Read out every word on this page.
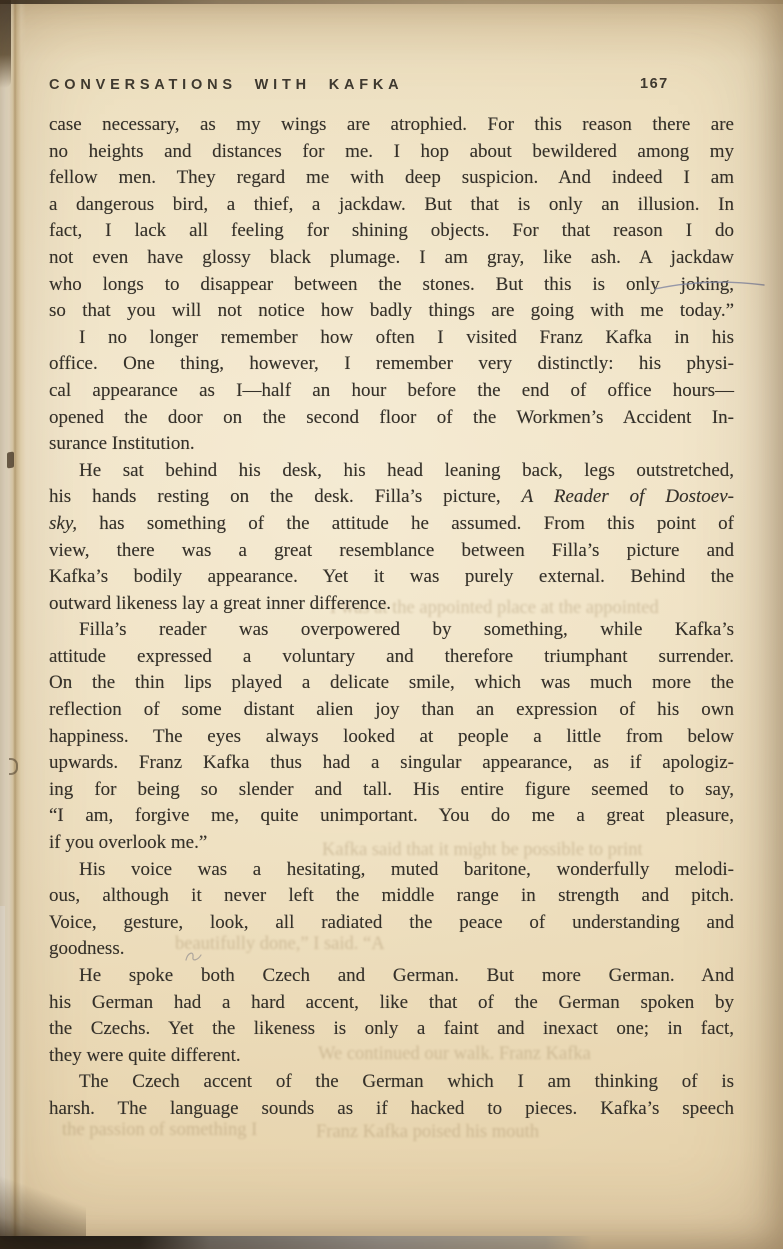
I was at the appointed place at the appointed
Kafka said that it might be possible to print
beautifully done,” I said. “A
We continued our walk. Franz Kafka
the passion of something I	Franz Kafka poised his mouth
CONVERSATIONS WITH KAFKA	167
case necessary, as my wings are atrophied. For this reason there are
no heights and distances for me. I hop about bewildered among my
fellow men. They regard me with deep suspicion. And indeed I am
a dangerous bird, a thief, a jackdaw. But that is only an illusion. In
fact, I lack all feeling for shining objects. For that reason I do
not even have glossy black plumage. I am gray, like ash. A jackdaw
who longs to disappear between the stones. But this is only joking,
so that you will not notice how badly things are going with me today.”
I no longer remember how often I visited Franz Kafka in his
office. One thing, however, I remember very distinctly: his physi-
cal appearance as I—half an hour before the end of office hours—
opened the door on the second floor of the Workmen’s Accident In-
surance Institution.
He sat behind his desk, his head leaning back, legs outstretched,
his hands resting on the desk. Filla’s picture, A Reader of Dostoev-
sky, has something of the attitude he assumed. From this point of
view, there was a great resemblance between Filla’s picture and
Kafka’s bodily appearance. Yet it was purely external. Behind the
outward likeness lay a great inner difference.
Filla’s reader was overpowered by something, while Kafka’s
attitude expressed a voluntary and therefore triumphant surrender.
On the thin lips played a delicate smile, which was much more the
reflection of some distant alien joy than an expression of his own
happiness. The eyes always looked at people a little from below
upwards. Franz Kafka thus had a singular appearance, as if apologiz-
ing for being so slender and tall. His entire figure seemed to say,
“I am, forgive me, quite unimportant. You do me a great pleasure,
if you overlook me.”
His voice was a hesitating, muted baritone, wonderfully melodi-
ous, although it never left the middle range in strength and pitch.
Voice, gesture, look, all radiated the peace of understanding and
goodness.
He spoke both Czech and German. But more German. And
his German had a hard accent, like that of the German spoken by
the Czechs. Yet the likeness is only a faint and inexact one; in fact,
they were quite different.
The Czech accent of the German which I am thinking of is
harsh. The language sounds as if hacked to pieces. Kafka’s speech
